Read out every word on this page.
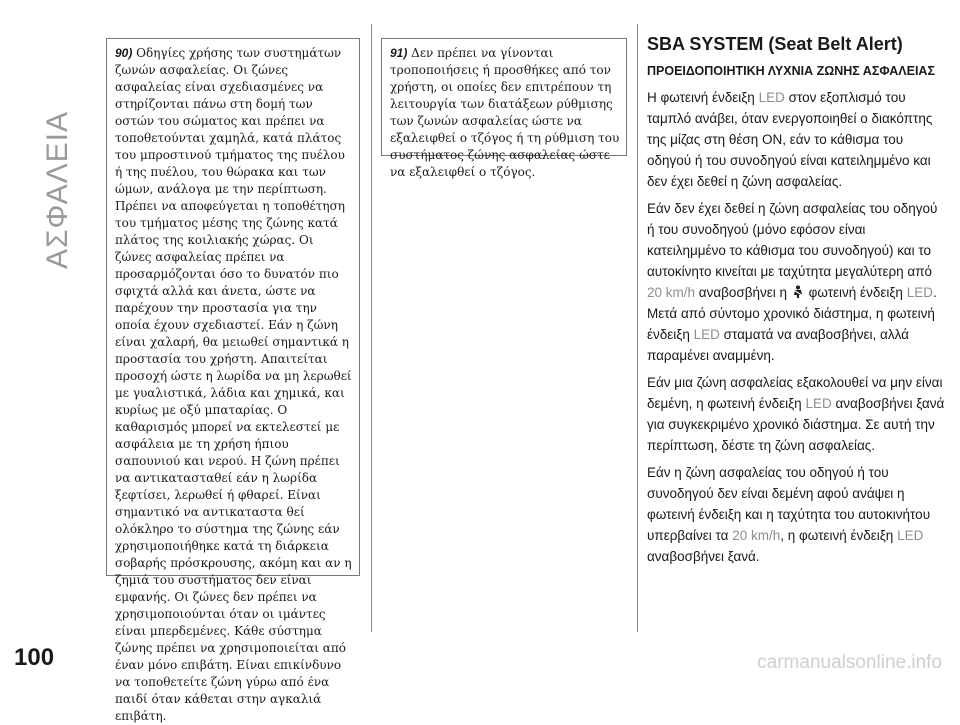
ΑΣΦΑΛΕΙΑ

90) Οδηγίες χρήσης των συστημάτων ζωνών ασφαλείας. Οι ζώνες ασφαλείας είναι σχεδιασμένες να στηρίζονται πάνω στη δομή των οστών του σώματος και πρέπει να τοποθετούνται χαμηλά, κατά πλάτος του μπροστινού τμήματος της πυέλου ή της πυέλου, του θώρακα και των ώμων, ανάλογα με την περίπτωση. Πρέπει να αποφεύγεται η τοποθέτηση του τμήματος μέσης της ζώνης κατά πλάτος της κοιλιακής χώρας. Οι ζώνες ασφαλείας πρέπει να προσαρμόζονται όσο το δυνατόν πιο σφιχτά αλλά και άνετα, ώστε να παρέχουν την προστασία για την οποία έχουν σχεδιαστεί. Εάν η ζώνη είναι χαλαρή, θα μειωθεί σημαντικά η προστασία του χρήστη. Απαιτείται προσοχή ώστε η λωρίδα να μη λερωθεί με γυαλιστικά, λάδια και χημικά, και κυρίως με οξύ μπαταρίας. Ο καθαρισμός μπορεί να εκτελεστεί με ασφάλεια με τη χρήση ήπιου σαπουνιού και νερού. Η ζώνη πρέπει να αντικατασταθεί εάν η λωρίδα ξεφτίσει, λερωθεί ή φθαρεί. Είναι σημαντικό να αντικαταστα θεί ολόκληρο το σύστημα της ζώνης εάν χρησιμοποιήθηκε κατά τη διάρκεια σοβαρής πρόσκρουσης, ακόμη και αν η ζημιά του συστήματος δεν είναι εμφανής. Οι ζώνες δεν πρέπει να χρησιμοποιούνται όταν οι ιμάντες είναι μπερδεμένες. Κάθε σύστημα ζώνης πρέπει να χρησιμοποιείται από έναν μόνο επιβάτη. Είναι επικίνδυνο να τοποθετείτε ζώνη γύρω από ένα παιδί όταν κάθεται στην αγκαλιά επιβάτη.

91) Δεν πρέπει να γίνονται τροποποιήσεις ή προσθήκες από τον χρήστη, οι οποίες δεν επιτρέπουν τη λειτουργία των διατάξεων ρύθμισης των ζωνών ασφαλείας ώστε να εξαλειφθεί ο τζόγος ή τη ρύθμιση του συστήματος ζώνης ασφαλείας ώστε να εξαλειφθεί ο τζόγος.

SBA SYSTEM (Seat Belt Alert)
ΠΡΟΕΙΔΟΠΟΙΗΤΙΚΗ ΛΥΧΝΙΑ ΖΩΝΗΣ ΑΣΦΑΛΕΙΑΣ

Η φωτεινή ένδειξη LED στον εξοπλισμό του ταμπλό ανάβει, όταν ενεργοποιηθεί ο διακόπτης της μίζας στη θέση ON, εάν το κάθισμα του οδηγού ή του συνοδηγού είναι κατειλημμένο και δεν έχει δεθεί η ζώνη ασφαλείας.

Εάν δεν έχει δεθεί η ζώνη ασφαλείας του οδηγού ή του συνοδηγού (μόνο εφόσον είναι κατειλημμένο το κάθισμα του συνοδηγού) και το αυτοκίνητο κινείται με ταχύτητα μεγαλύτερη από 20 km/h αναβοσβήνει η φωτεινή ένδειξη LED. Μετά από σύντομο χρονικό διάστημα, η φωτεινή ένδειξη LED σταματά να αναβοσβήνει, αλλά παραμένει αναμμένη.

Εάν μια ζώνη ασφαλείας εξακολουθεί να μην είναι δεμένη, η φωτεινή ένδειξη LED αναβοσβήνει ξανά για συγκεκριμένο χρονικό διάστημα. Σε αυτή την περίπτωση, δέστε τη ζώνη ασφαλείας.

Εάν η ζώνη ασφαλείας του οδηγού ή του συνοδηγού δεν είναι δεμένη αφού ανάψει η φωτεινή ένδειξη και η ταχύτητα του αυτοκινήτου υπερβαίνει τα 20 km/h, η φωτεινή ένδειξη LED αναβοσβήνει ξανά.

100	carmanualsonline.info
